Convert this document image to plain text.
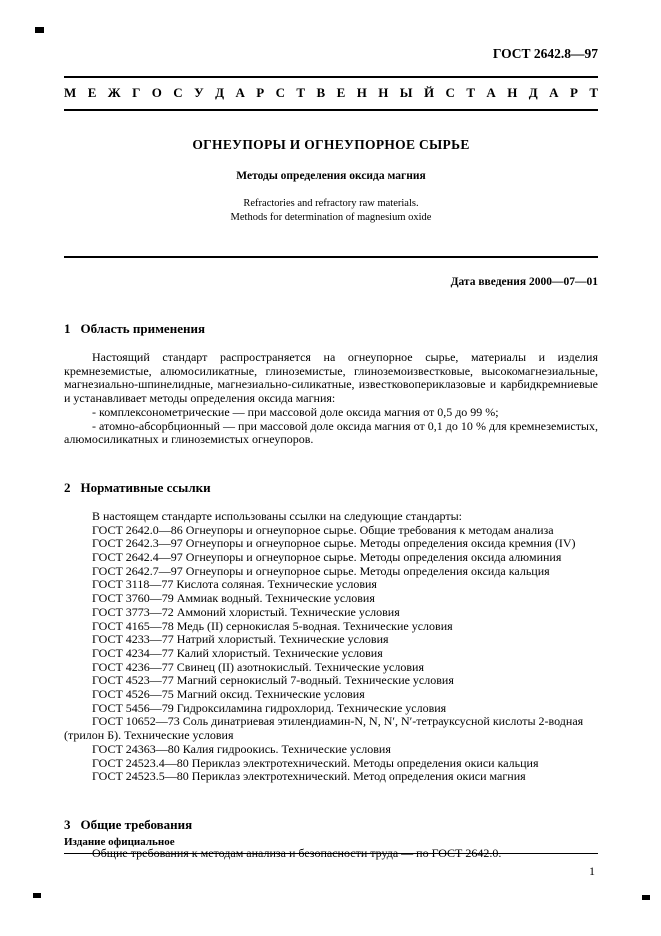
ГОСТ 2642.8—97
М Е Ж Г О С У Д А Р С Т В Е Н Н Ы Й С Т А Н Д А Р Т
ОГНЕУПОРЫ И ОГНЕУПОРНОЕ СЫРЬЕ
Методы определения оксида магния
Refractories and refractory raw materials.
Methods for determination of magnesium oxide
Дата введения 2000—07—01
1 Область применения

Настоящий стандарт распространяется на огнеупорное сырье, материалы и изделия кремнеземистые, алюмосиликатные, глиноземистые, глиноземоизвестковые, высокомагнезиальные, магнезиально-шпинелидные, магнезиально-силикатные, известковопериклазовые и карбидкремниевые и устанавливает методы определения оксида магния:

- комплексонометрические — при массовой доле оксида магния от 0,5 до 99 %;

- атомно-абсорбционный — при массовой доле оксида магния от 0,1 до 10 % для кремнеземистых, алюмосиликатных и глиноземистых огнеупоров.

2 Нормативные ссылки

В настоящем стандарте использованы ссылки на следующие стандарты:

ГОСТ 2642.0—86 Огнеупоры и огнеупорное сырье. Общие требования к методам анализа

ГОСТ 2642.3—97 Огнеупоры и огнеупорное сырье. Методы определения оксида кремния (IV)

ГОСТ 2642.4—97 Огнеупоры и огнеупорное сырье. Методы определения оксида алюминия

ГОСТ 2642.7—97 Огнеупоры и огнеупорное сырье. Методы определения оксида кальция

ГОСТ 3118—77 Кислота соляная. Технические условия

ГОСТ 3760—79 Аммиак водный. Технические условия

ГОСТ 3773—72 Аммоний хлористый. Технические условия

ГОСТ 4165—78 Медь (II) сернокислая 5-водная. Технические условия

ГОСТ 4233—77 Натрий хлористый. Технические условия

ГОСТ 4234—77 Калий хлористый. Технические условия

ГОСТ 4236—77 Свинец (II) азотнокислый. Технические условия

ГОСТ 4523—77 Магний сернокислый 7-водный. Технические условия

ГОСТ 4526—75 Магний оксид. Технические условия

ГОСТ 5456—79 Гидроксиламина гидрохлорид. Технические условия

ГОСТ 10652—73 Соль динатриевая этилендиамин-N, N, N′, N′-тетрауксусной кислоты 2-водная (трилон Б). Технические условия

ГОСТ 24363—80 Калия гидроокись. Технические условия

ГОСТ 24523.4—80 Периклаз электротехнический. Методы определения окиси кальция

ГОСТ 24523.5—80 Периклаз электротехнический. Метод определения окиси магния

3 Общие требования

Общие требования к методам анализа и безопасности труда — по ГОСТ 2642.0.

Издание официальное
1
